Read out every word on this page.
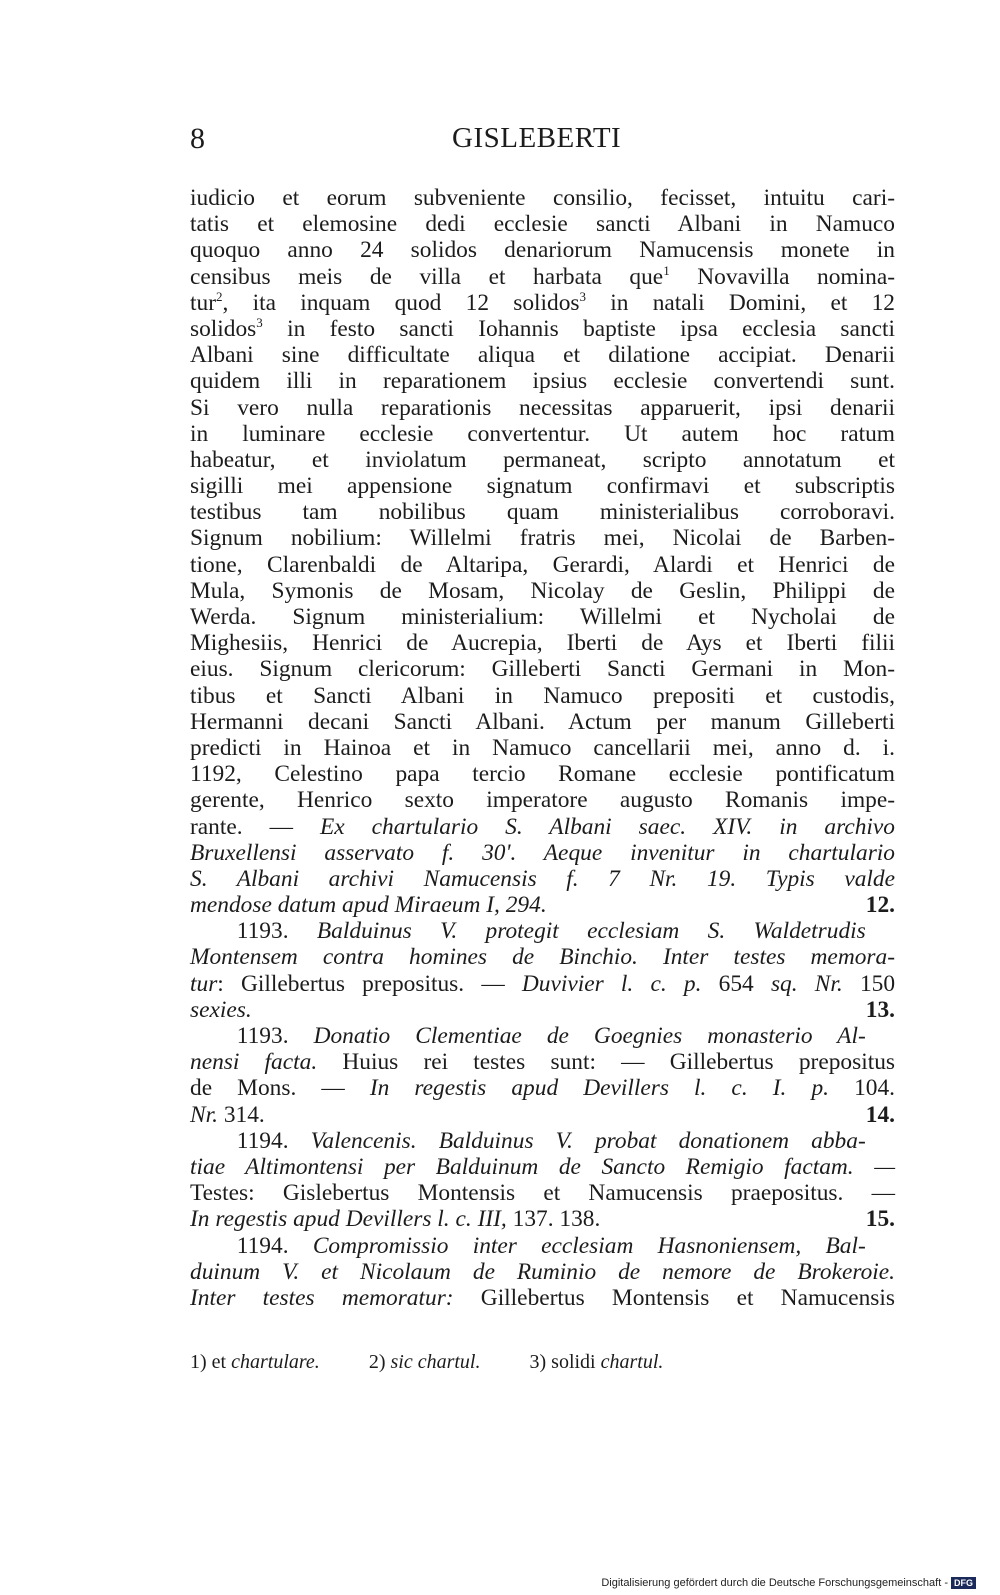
8	GISLEBERTI
iudicio et eorum subveniente consilio, fecisset, intuitu cari-
tatis et elemosine dedi ecclesie sancti Albani in Namuco
quoquo anno 24 solidos denariorum Namucensis monete in
censibus meis de villa et harbata que$^1$ Novavilla nomina-
tur$^2$, ita inquam quod 12 solidos$^3$ in natali Domini, et 12
solidos$^3$ in festo sancti Iohannis baptiste ipsa ecclesia sancti
Albani sine difficultate aliqua et dilatione accipiat. Denarii
quidem illi in reparationem ipsius ecclesie convertendi sunt.
Si vero nulla reparationis necessitas apparuerit, ipsi denarii
in luminare ecclesie convertentur. Ut autem hoc ratum
habeatur, et inviolatum permaneat, scripto annotatum et
sigilli mei appensione signatum confirmavi et subscriptis
testibus tam nobilibus quam ministerialibus corroboravi.
Signum nobilium: Willelmi fratris mei, Nicolai de Barben-
tione, Clarenbaldi de Altaripa, Gerardi, Alardi et Henrici de
Mula, Symonis de Mosam, Nicolay de Geslin, Philippi de
Werda. Signum ministerialium: Willelmi et Nycholai de
Mighesiis, Henrici de Aucrepia, Iberti de Ays et Iberti filii
eius. Signum clericorum: Gilleberti Sancti Germani in Mon-
tibus et Sancti Albani in Namuco prepositi et custodis,
Hermanni decani Sancti Albani. Actum per manum Gilleberti
predicti in Hainoa et in Namuco cancellarii mei, anno d. i.
1192, Celestino papa tercio Romane ecclesie pontificatum
gerente, Henrico sexto imperatore augusto Romanis impe-
rante. — Ex chartulario S. Albani saec. XIV. in archivo
Bruxellensi asservato f. 30'. Aeque invenitur in chartulario
S. Albani archivi Namucensis f. 7 Nr. 19. Typis valde
mendose datum apud Miraeum I, 294.	12.
  1193. Balduinus V. protegit ecclesiam S. Waldetrudis
Montensem contra homines de Binchio. Inter testes memora-
tur: Gillebertus prepositus. — Duvivier l. c. p. 654 sq. Nr. 150
sexies.	13.
  1193. Donatio Clementiae de Goegnies monasterio Al-
nensi facta. Huius rei testes sunt: — Gillebertus prepositus
de Mons. — In regestis apud Devillers l. c. I. p. 104.
Nr. 314.	14.
  1194. Valencenis. Balduinus V. probat donationem abba-
tiae Altimontensi per Balduinum de Sancto Remigio factam. —
Testes: Gislebertus Montensis et Namucensis praepositus. —
In regestis apud Devillers l. c. III, 137. 138.	15.
  1194. Compromissio inter ecclesiam Hasnoniensem, Bal-
duinum V. et Nicolaum de Ruminio de nemore de Brokeroie.
Inter testes memoratur: Gillebertus Montensis et Namucensis
1) et chartulare. 2) sic chartul. 3) solidi chartul.
Digitalisierung gefördert durch die Deutsche Forschungsgemeinschaft - DFG
